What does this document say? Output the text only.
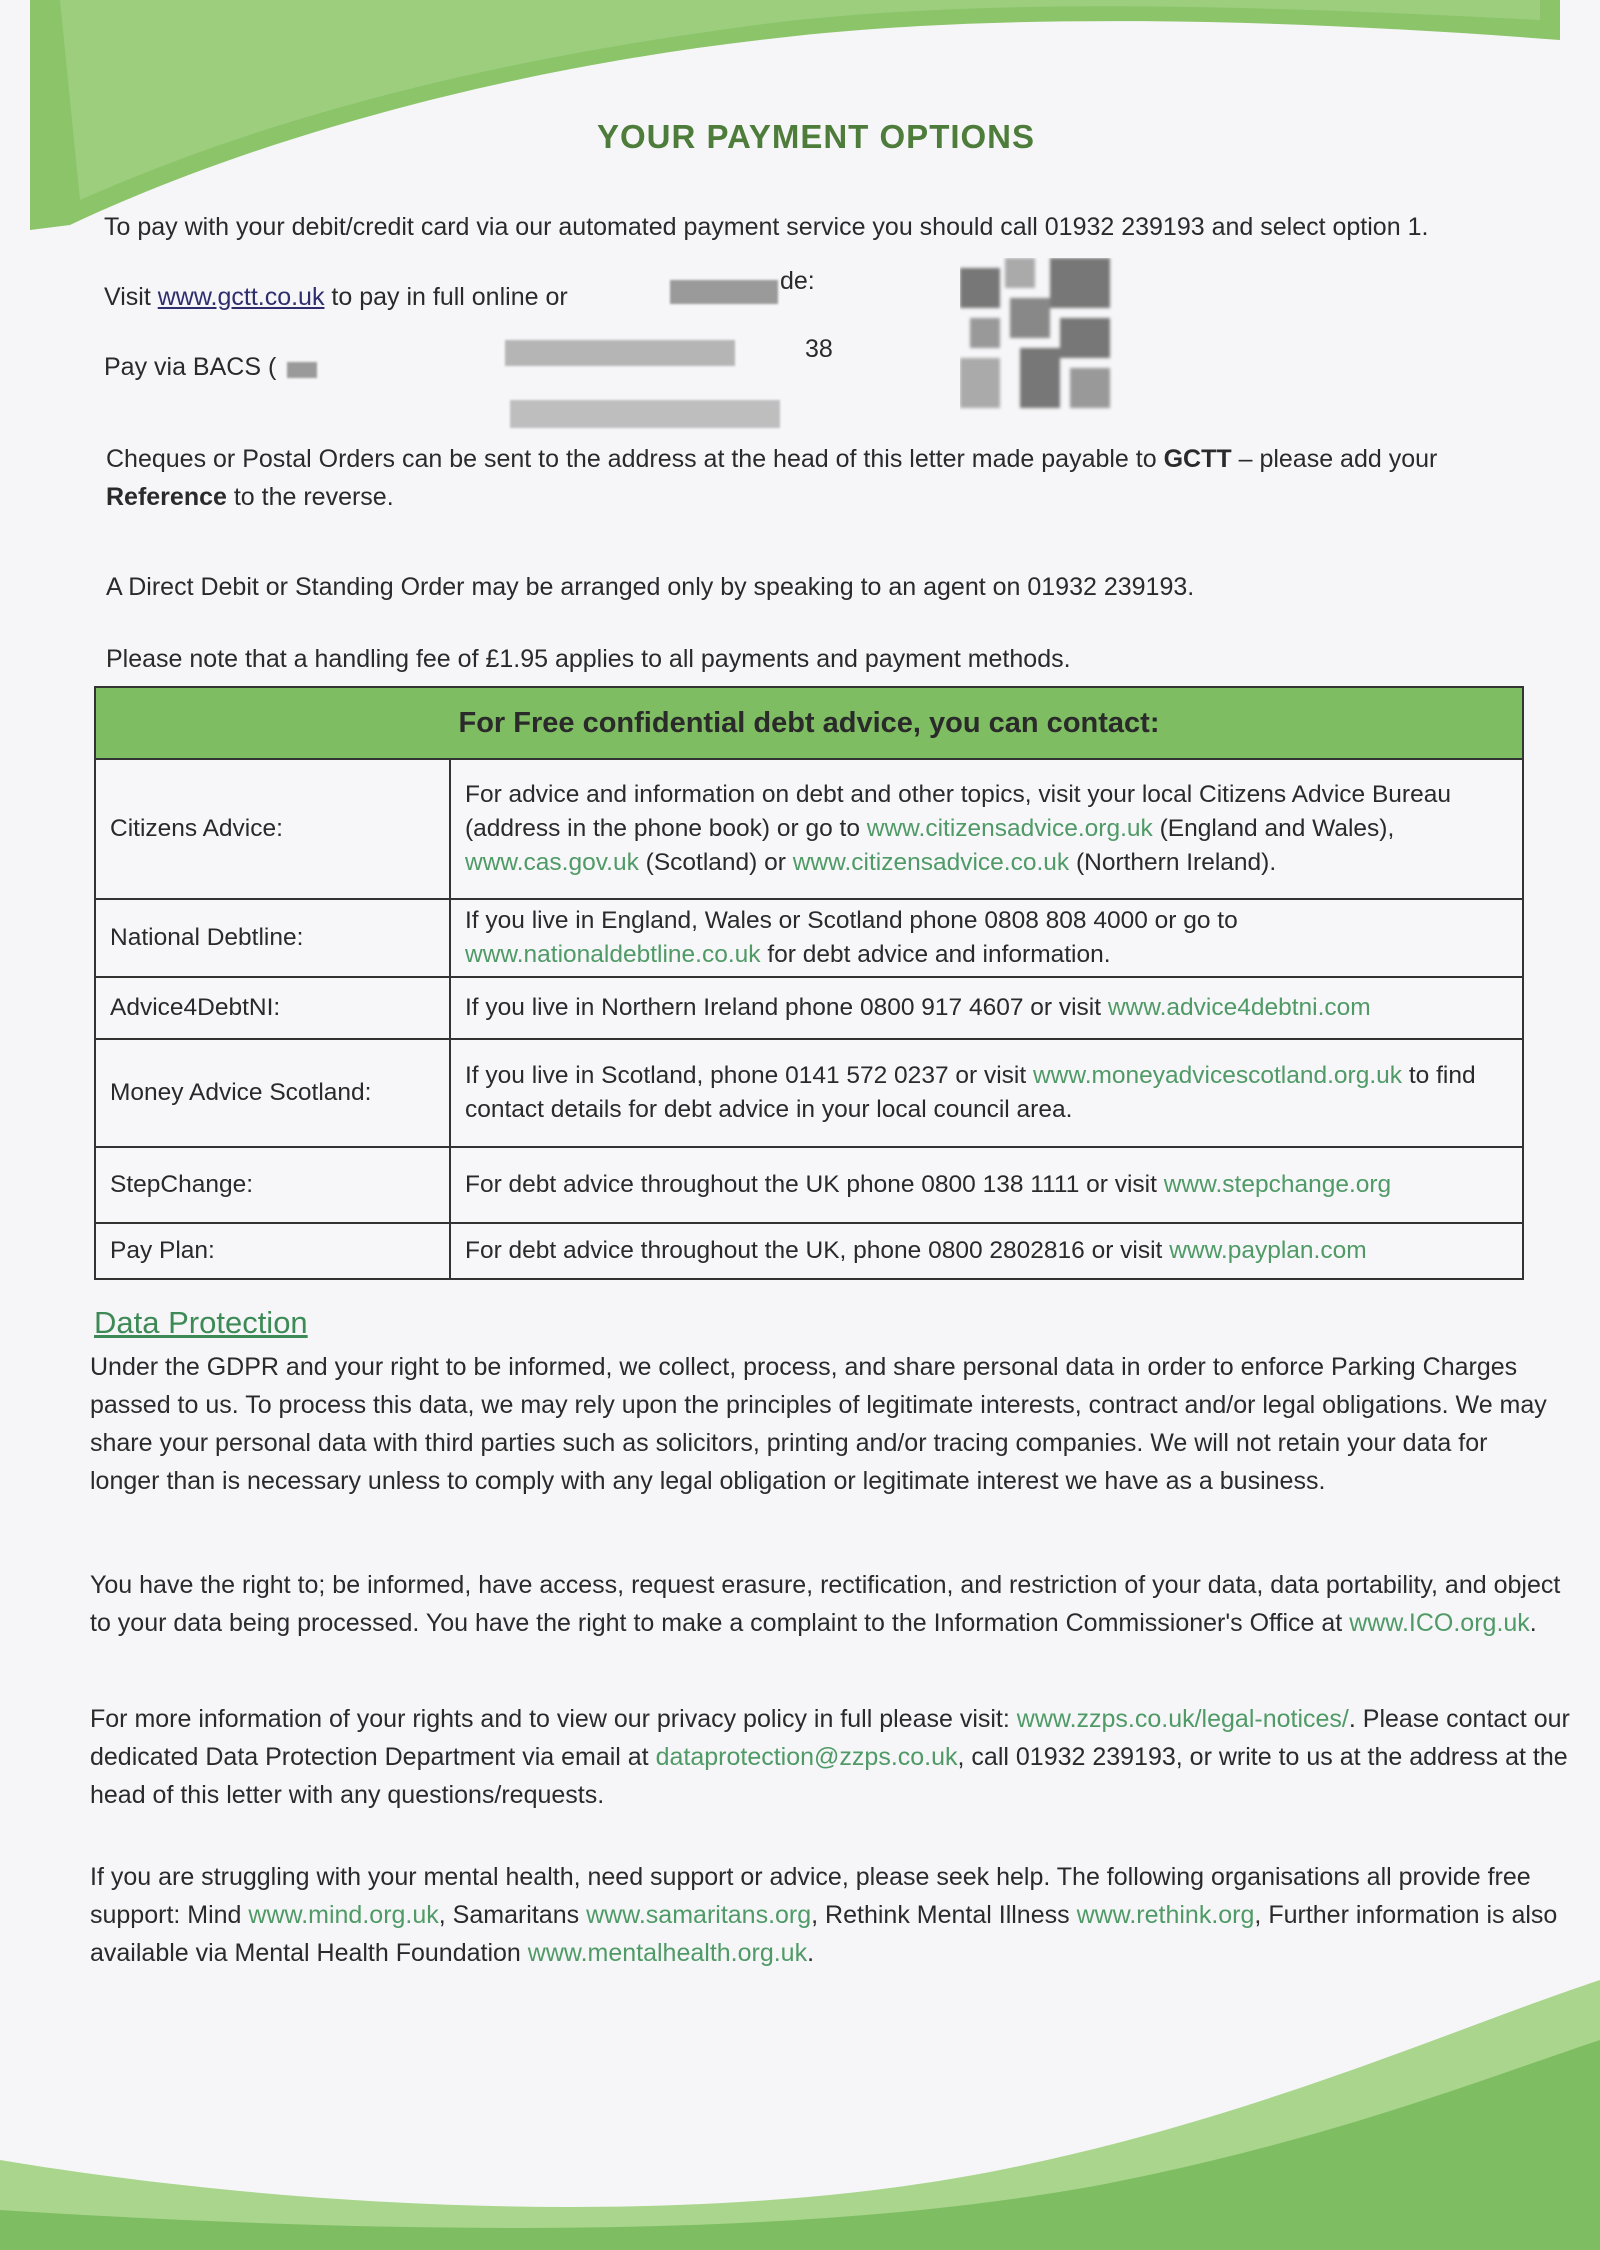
YOUR PAYMENT OPTIONS
To pay with your debit/credit card via our automated payment service you should call 01932 239193 and select option 1.
Visit www.gctt.co.uk to pay in full online or
de:
Pay via BACS (
38
Cheques or Postal Orders can be sent to the address at the head of this letter made payable to GCTT – please add your
Reference to the reverse.
A Direct Debit or Standing Order may be arranged only by speaking to an agent on 01932 239193.
Please note that a handling fee of £1.95 applies to all payments and payment methods.
For Free confidential debt advice, you can contact:	
Citizens Advice:	For advice and information on debt and other topics, visit your local Citizens Advice Bureau (address in the phone book) or go to www.citizensadvice.org.uk (England and Wales), www.cas.gov.uk (Scotland) or www.citizensadvice.co.uk (Northern Ireland).
National Debtline:	If you live in England, Wales or Scotland phone 0808 808 4000 or go to www.nationaldebtline.co.uk for debt advice and information.
Advice4DebtNI:	If you live in Northern Ireland phone 0800 917 4607 or visit www.advice4debtni.com
Money Advice Scotland:	If you live in Scotland, phone 0141 572 0237 or visit www.moneyadvicescotland.org.uk to find contact details for debt advice in your local council area.
StepChange:	For debt advice throughout the UK phone 0800 138 1111 or visit www.stepchange.org
Pay Plan:	For debt advice throughout the UK, phone 0800 2802816 or visit www.payplan.com
Data Protection
Under the GDPR and your right to be informed, we collect, process, and share personal data in order to enforce Parking Charges passed to us. To process this data, we may rely upon the principles of legitimate interests, contract and/or legal obligations. We may share your personal data with third parties such as solicitors, printing and/or tracing companies. We will not retain your data for longer than is necessary unless to comply with any legal obligation or legitimate interest we have as a business.
You have the right to; be informed, have access, request erasure, rectification, and restriction of your data, data portability, and object to your data being processed. You have the right to make a complaint to the Information Commissioner's Office at www.ICO.org.uk.
For more information of your rights and to view our privacy policy in full please visit: www.zzps.co.uk/legal-notices/. Please contact our dedicated Data Protection Department via email at dataprotection@zzps.co.uk, call 01932 239193, or write to us at the address at the head of this letter with any questions/requests.
If you are struggling with your mental health, need support or advice, please seek help. The following organisations all provide free support: Mind www.mind.org.uk, Samaritans www.samaritans.org, Rethink Mental Illness www.rethink.org, Further information is also available via Mental Health Foundation www.mentalhealth.org.uk.
